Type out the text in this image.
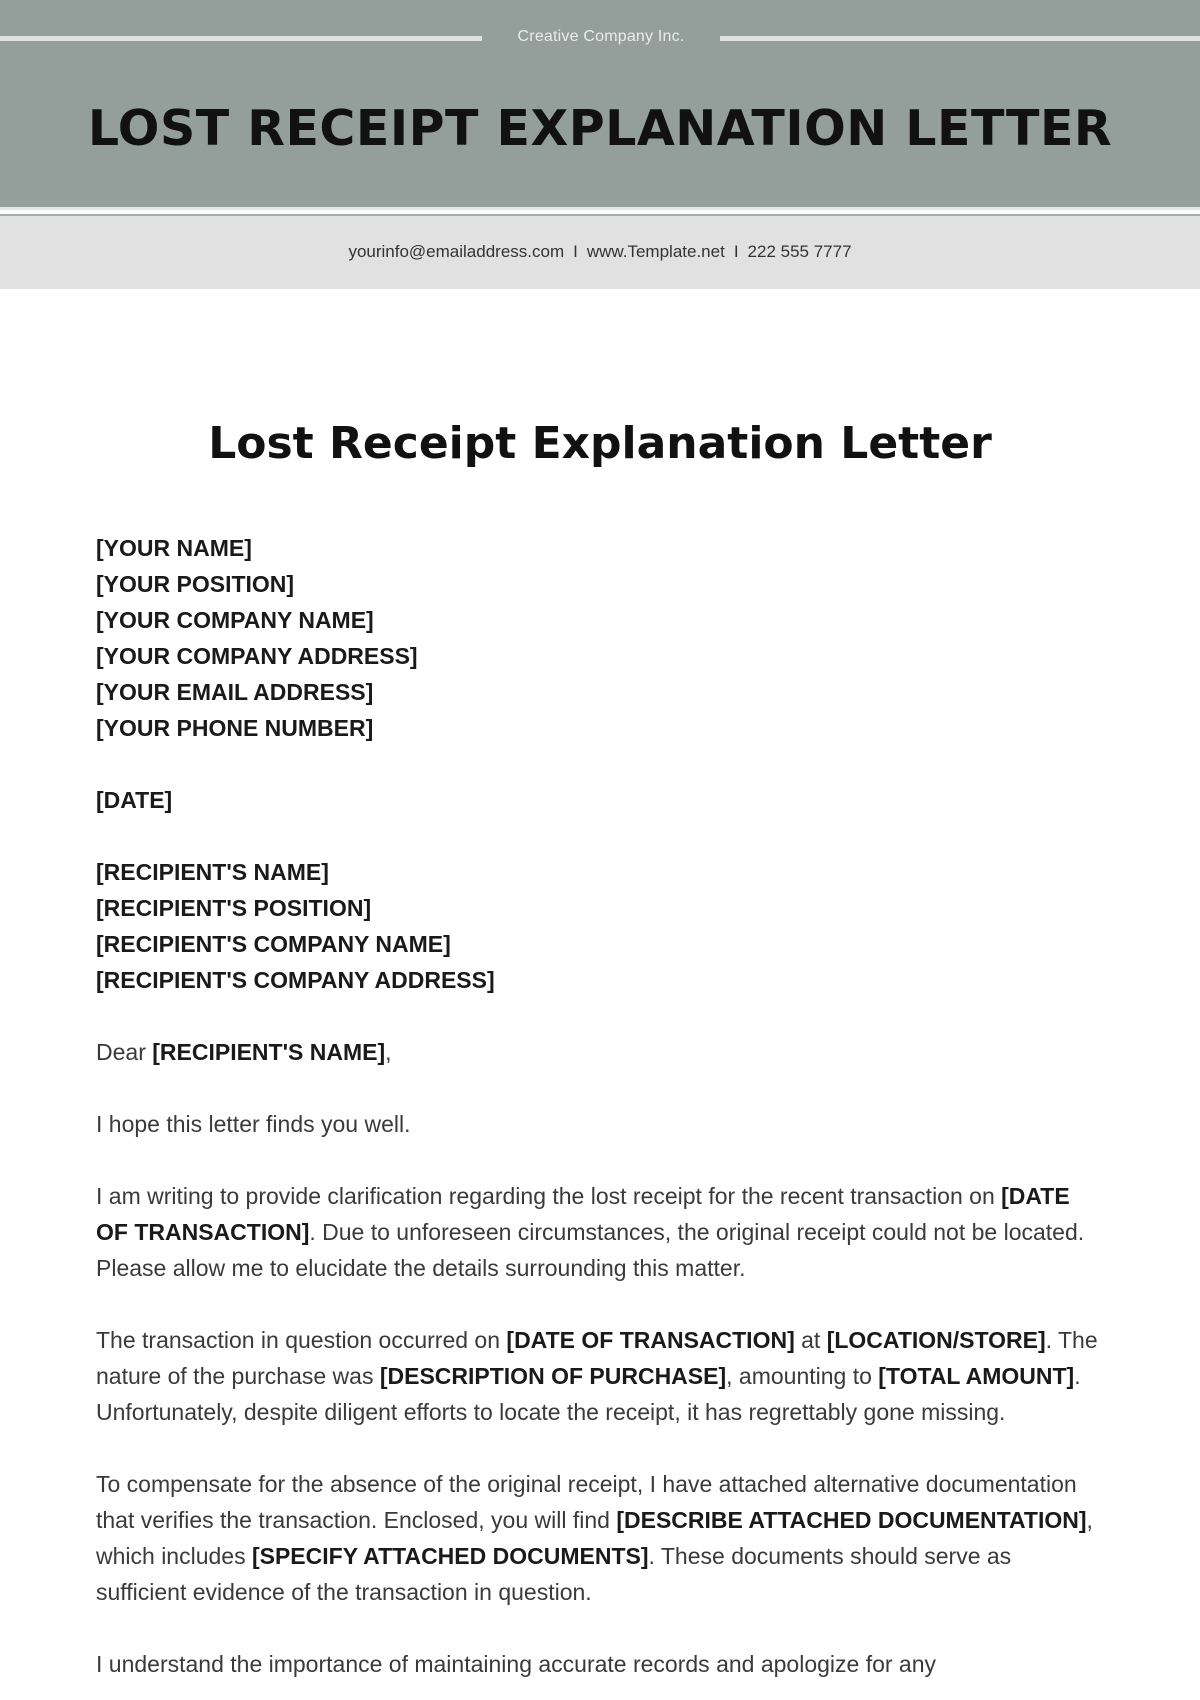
Creative Company Inc.
LOST RECEIPT EXPLANATION LETTER
yourinfo@emailaddress.com I www.Template.net I 222 555 7777
Lost Receipt Explanation Letter
[YOUR NAME]
[YOUR POSITION]
[YOUR COMPANY NAME]
[YOUR COMPANY ADDRESS]
[YOUR EMAIL ADDRESS]
[YOUR PHONE NUMBER]
[DATE]
[RECIPIENT'S NAME]
[RECIPIENT'S POSITION]
[RECIPIENT'S COMPANY NAME]
[RECIPIENT'S COMPANY ADDRESS]

Dear [RECIPIENT'S NAME],

I hope this letter finds you well.

I am writing to provide clarification regarding the lost receipt for the recent transaction on [DATE OF TRANSACTION]. Due to unforeseen circumstances, the original receipt could not be located. Please allow me to elucidate the details surrounding this matter.

The transaction in question occurred on [DATE OF TRANSACTION] at [LOCATION/STORE]. The nature of the purchase was [DESCRIPTION OF PURCHASE], amounting to [TOTAL AMOUNT]. Unfortunately, despite diligent efforts to locate the receipt, it has regrettably gone missing.

To compensate for the absence of the original receipt, I have attached alternative documentation that verifies the transaction. Enclosed, you will find [DESCRIBE ATTACHED DOCUMENTATION], which includes [SPECIFY ATTACHED DOCUMENTS]. These documents should serve as sufficient evidence of the transaction in question.

I understand the importance of maintaining accurate records and apologize for any
